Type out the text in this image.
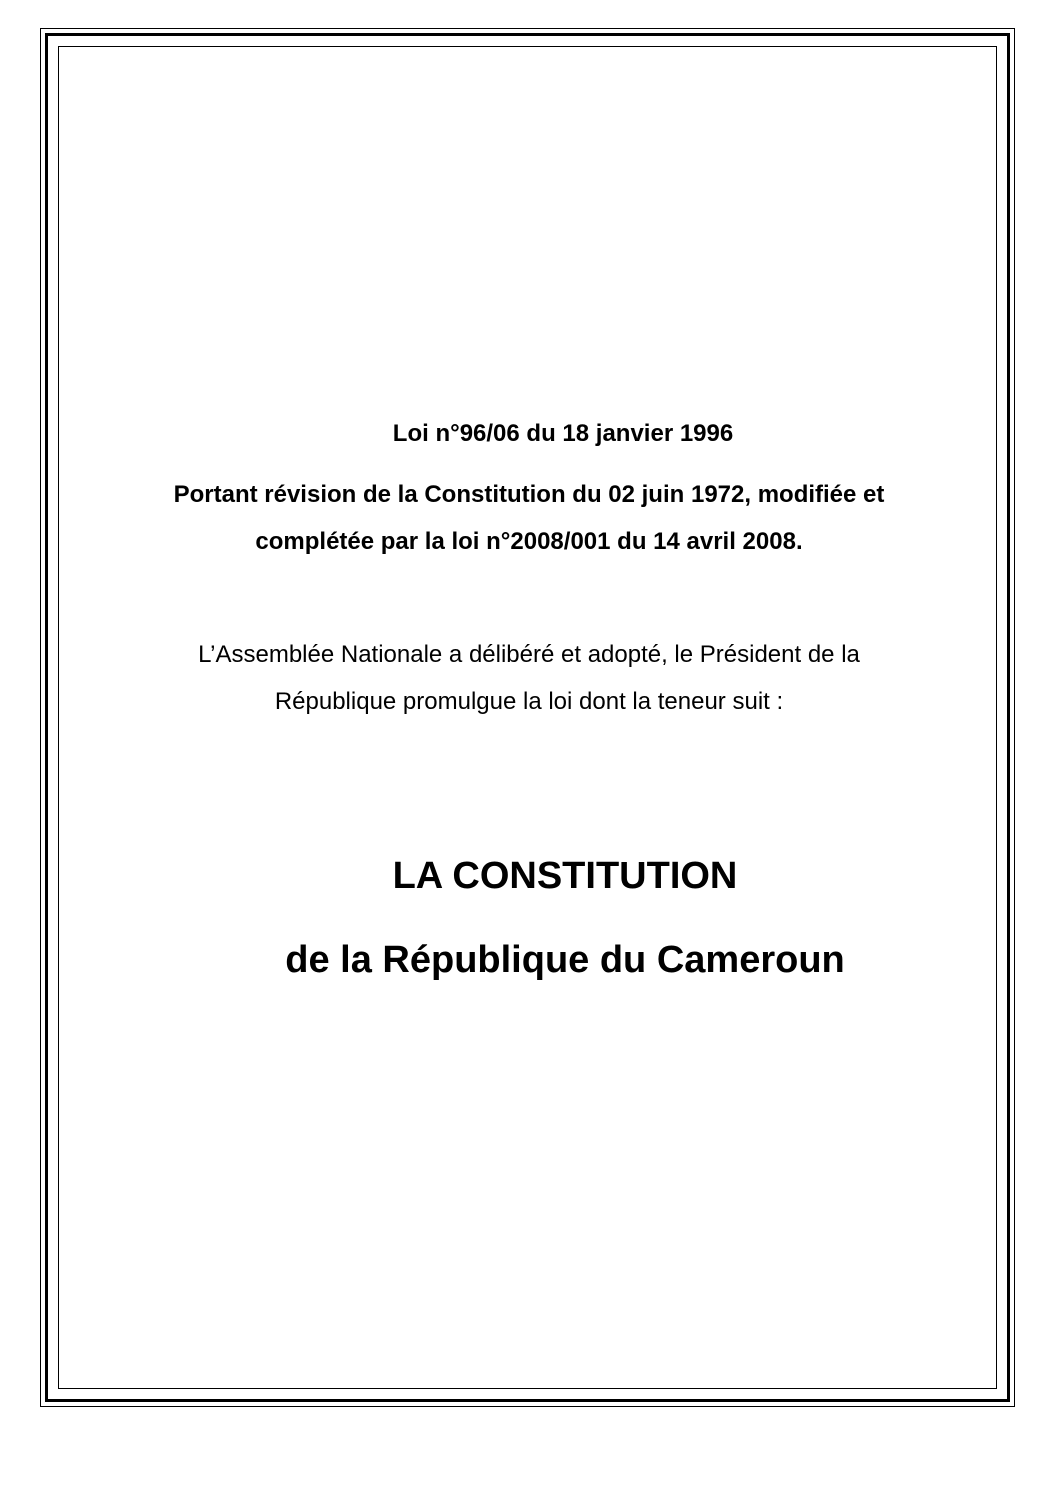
Loi n°96/06 du 18 janvier 1996

Portant révision de la Constitution du 02 juin 1972, modifiée et

complétée par la loi n°2008/001 du 14 avril 2008.

L’Assemblée Nationale a délibéré et adopté, le Président de la

République promulgue la loi dont la teneur suit :

LA CONSTITUTION
de la République du Cameroun
